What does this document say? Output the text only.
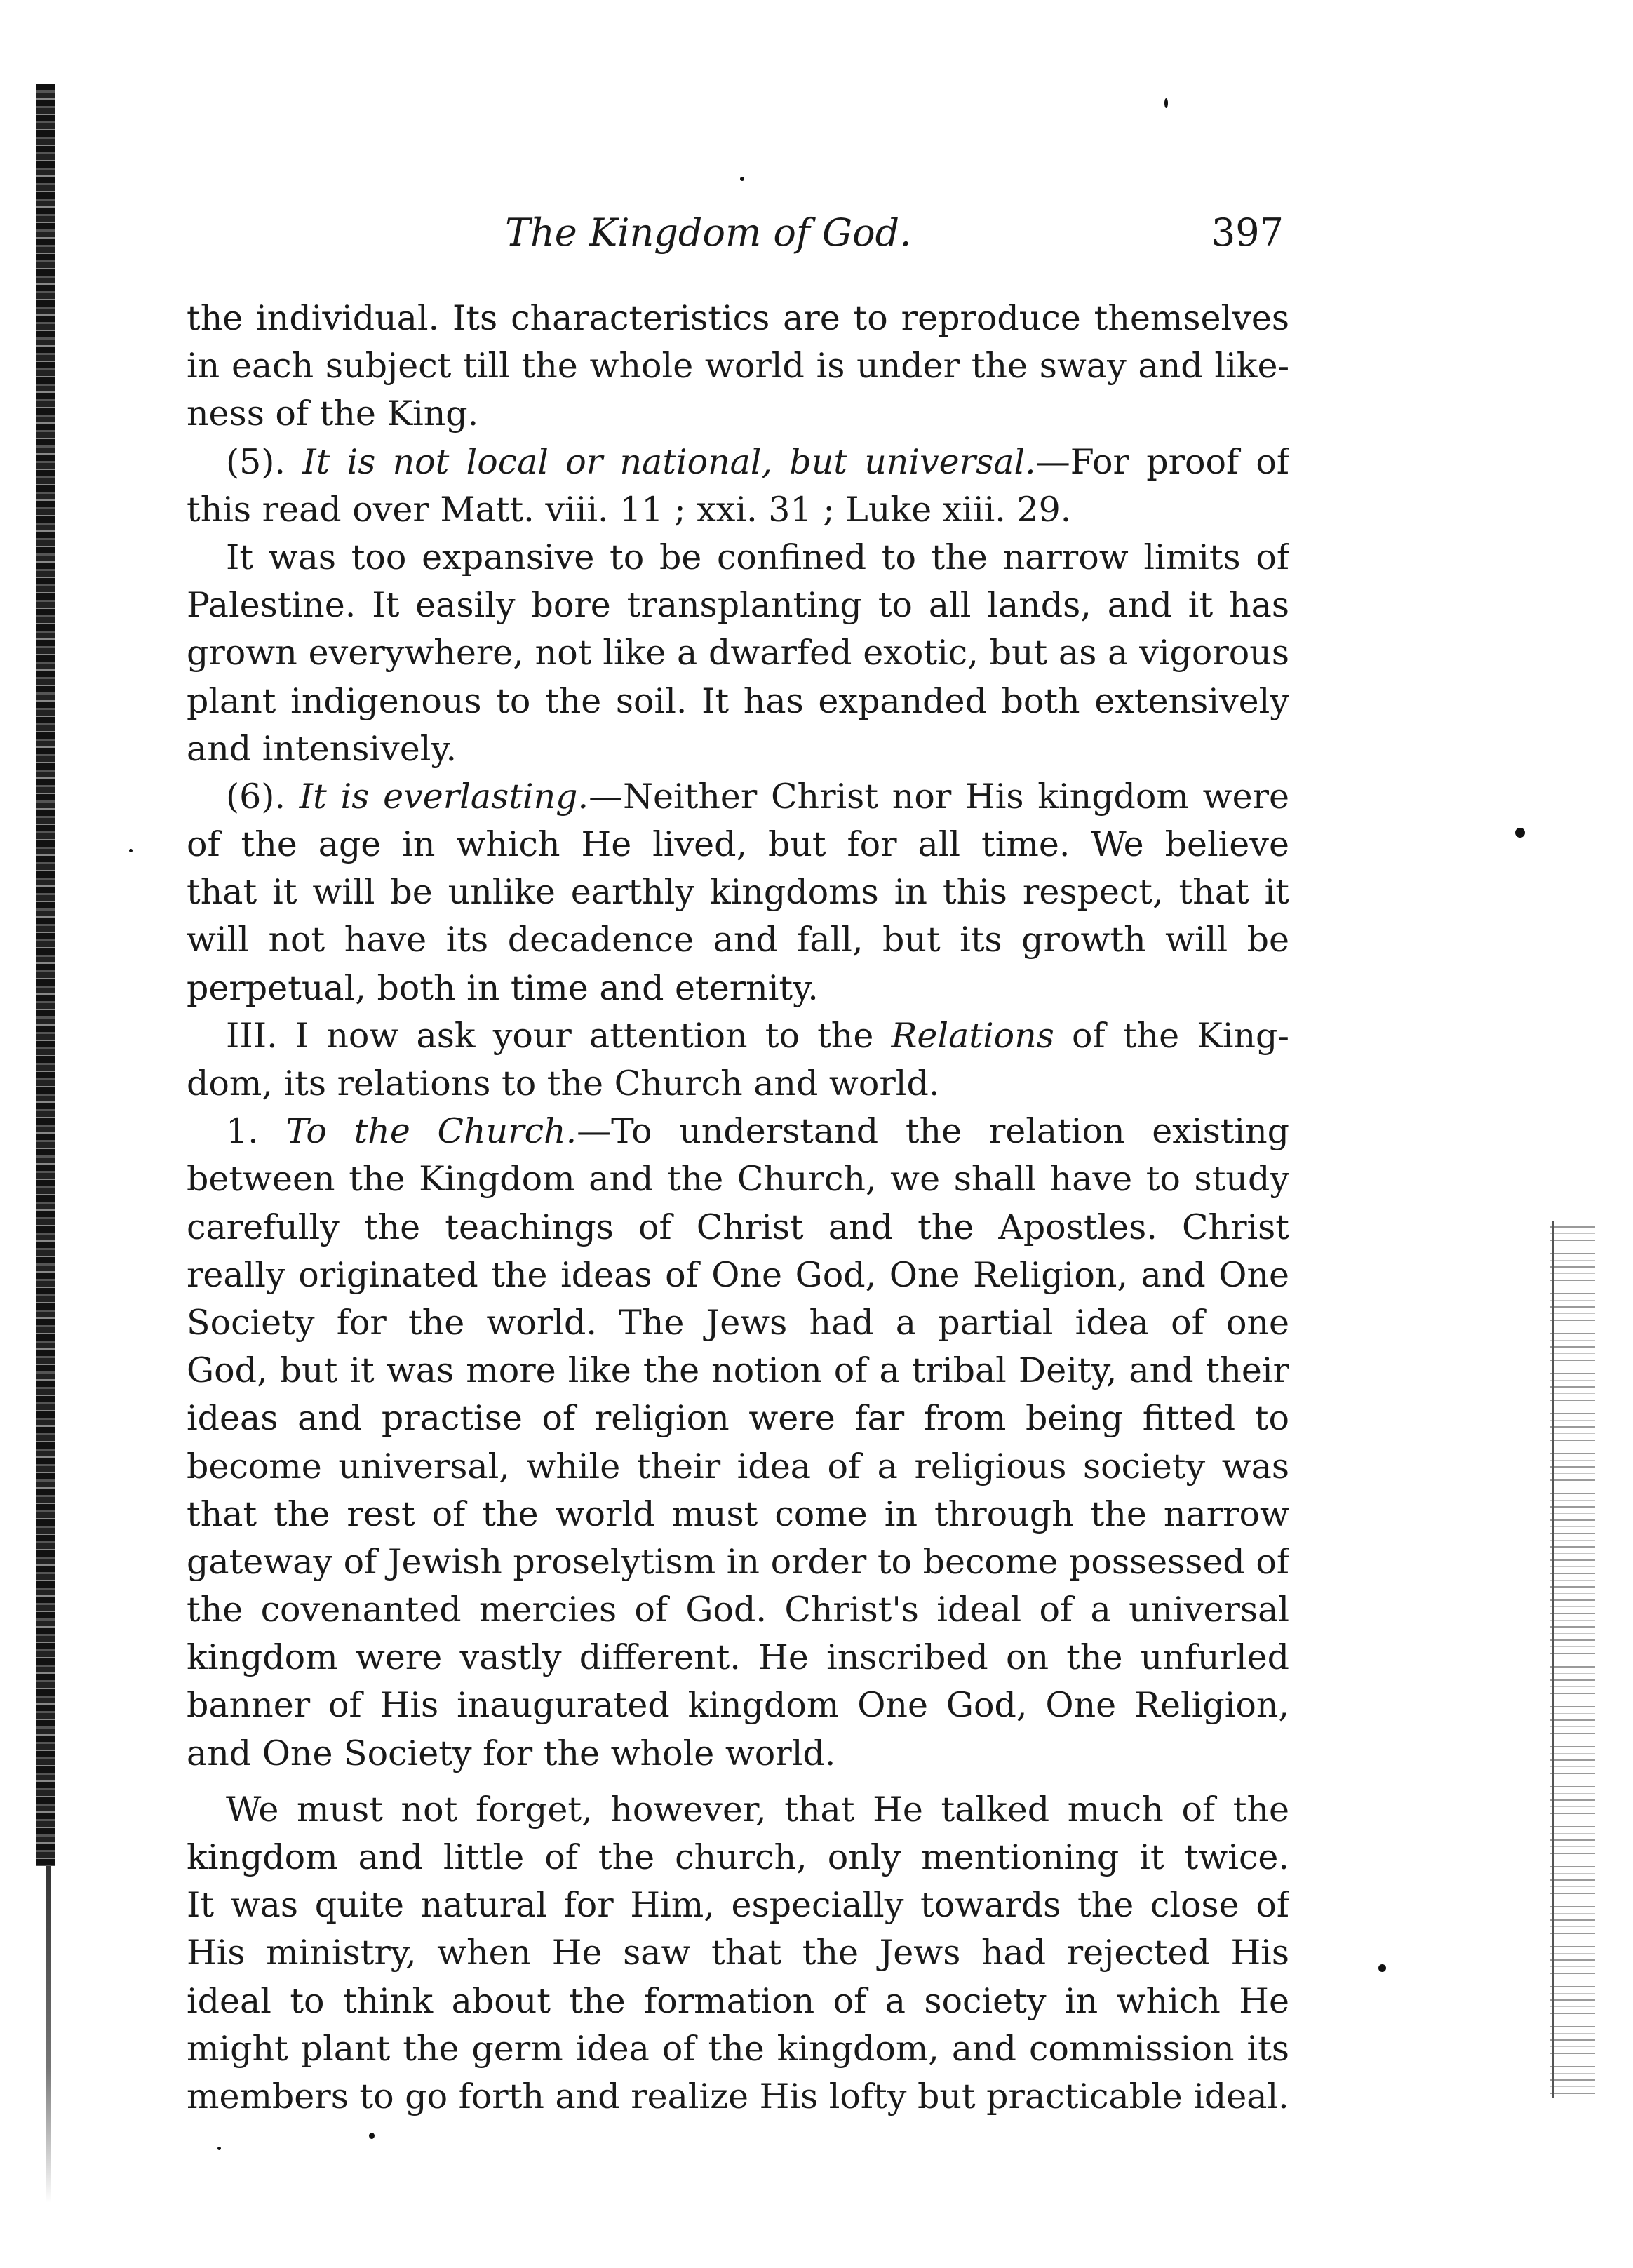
The Kingdom of God.	397
the individual. Its characteristics are to reproduce themselves
in each subject till the whole world is under the sway and like-
ness of the King.
(5). It is not local or national, but universal.—For proof of
this read over Matt. viii. 11 ; xxi. 31 ; Luke xiii. 29.
It was too expansive to be confined to the narrow limits of
Palestine. It easily bore transplanting to all lands, and it has
grown everywhere, not like a dwarfed exotic, but as a vigorous
plant indigenous to the soil. It has expanded both extensively
and intensively.
(6). It is everlasting.—Neither Christ nor His kingdom were
of the age in which He lived, but for all time. We believe
that it will be unlike earthly kingdoms in this respect, that it
will not have its decadence and fall, but its growth will be
perpetual, both in time and eternity.
III. I now ask your attention to the Relations of the King-
dom, its relations to the Church and world.
1. To the Church.—To understand the relation existing
between the Kingdom and the Church, we shall have to study
carefully the teachings of Christ and the Apostles. Christ
really originated the ideas of One God, One Religion, and One
Society for the world. The Jews had a partial idea of one
God, but it was more like the notion of a tribal Deity, and their
ideas and practise of religion were far from being fitted to
become universal, while their idea of a religious society was
that the rest of the world must come in through the narrow
gateway of Jewish proselytism in order to become possessed of
the covenanted mercies of God. Christ's ideal of a universal
kingdom were vastly different. He inscribed on the unfurled
banner of His inaugurated kingdom One God, One Religion,
and One Society for the whole world.
We must not forget, however, that He talked much of the
kingdom and little of the church, only mentioning it twice.
It was quite natural for Him, especially towards the close of
His ministry, when He saw that the Jews had rejected His
ideal to think about the formation of a society in which He
might plant the germ idea of the kingdom, and commission its
members to go forth and realize His lofty but practicable ideal.
